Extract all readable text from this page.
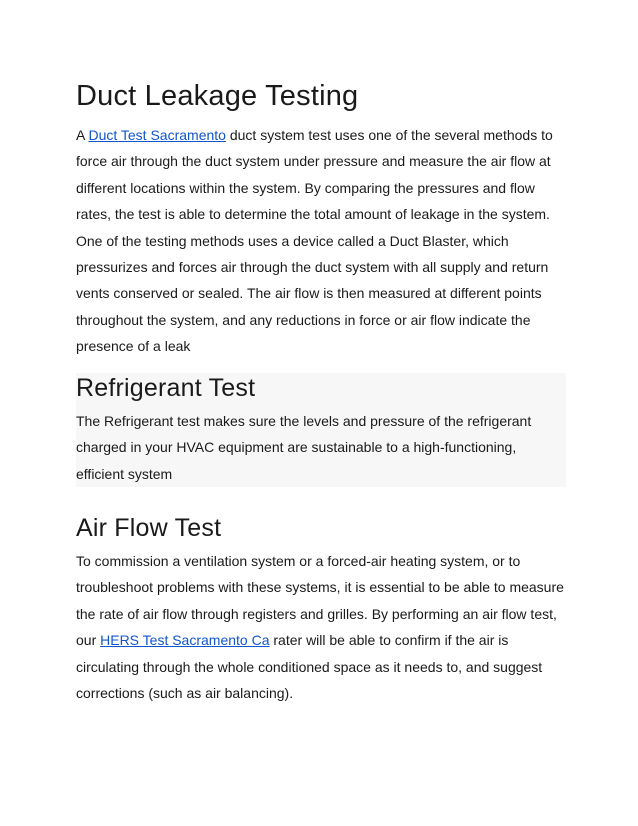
Duct Leakage Testing

A Duct Test Sacramento duct system test uses one of the several methods to force air through the duct system under pressure and measure the air flow at different locations within the system. By comparing the pressures and flow rates, the test is able to determine the total amount of leakage in the system. One of the testing methods uses a device called a Duct Blaster, which pressurizes and forces air through the duct system with all supply and return vents conserved or sealed. The air flow is then measured at different points throughout the system, and any reductions in force or air flow indicate the presence of a leak

Refrigerant Test

The Refrigerant test makes sure the levels and pressure of the refrigerant charged in your HVAC equipment are sustainable to a high-functioning, efficient system

Air Flow Test

To commission a ventilation system or a forced-air heating system, or to troubleshoot problems with these systems, it is essential to be able to measure the rate of air flow through registers and grilles. By performing an air flow test, our HERS Test Sacramento Ca rater will be able to confirm if the air is circulating through the whole conditioned space as it needs to, and suggest corrections (such as air balancing).
